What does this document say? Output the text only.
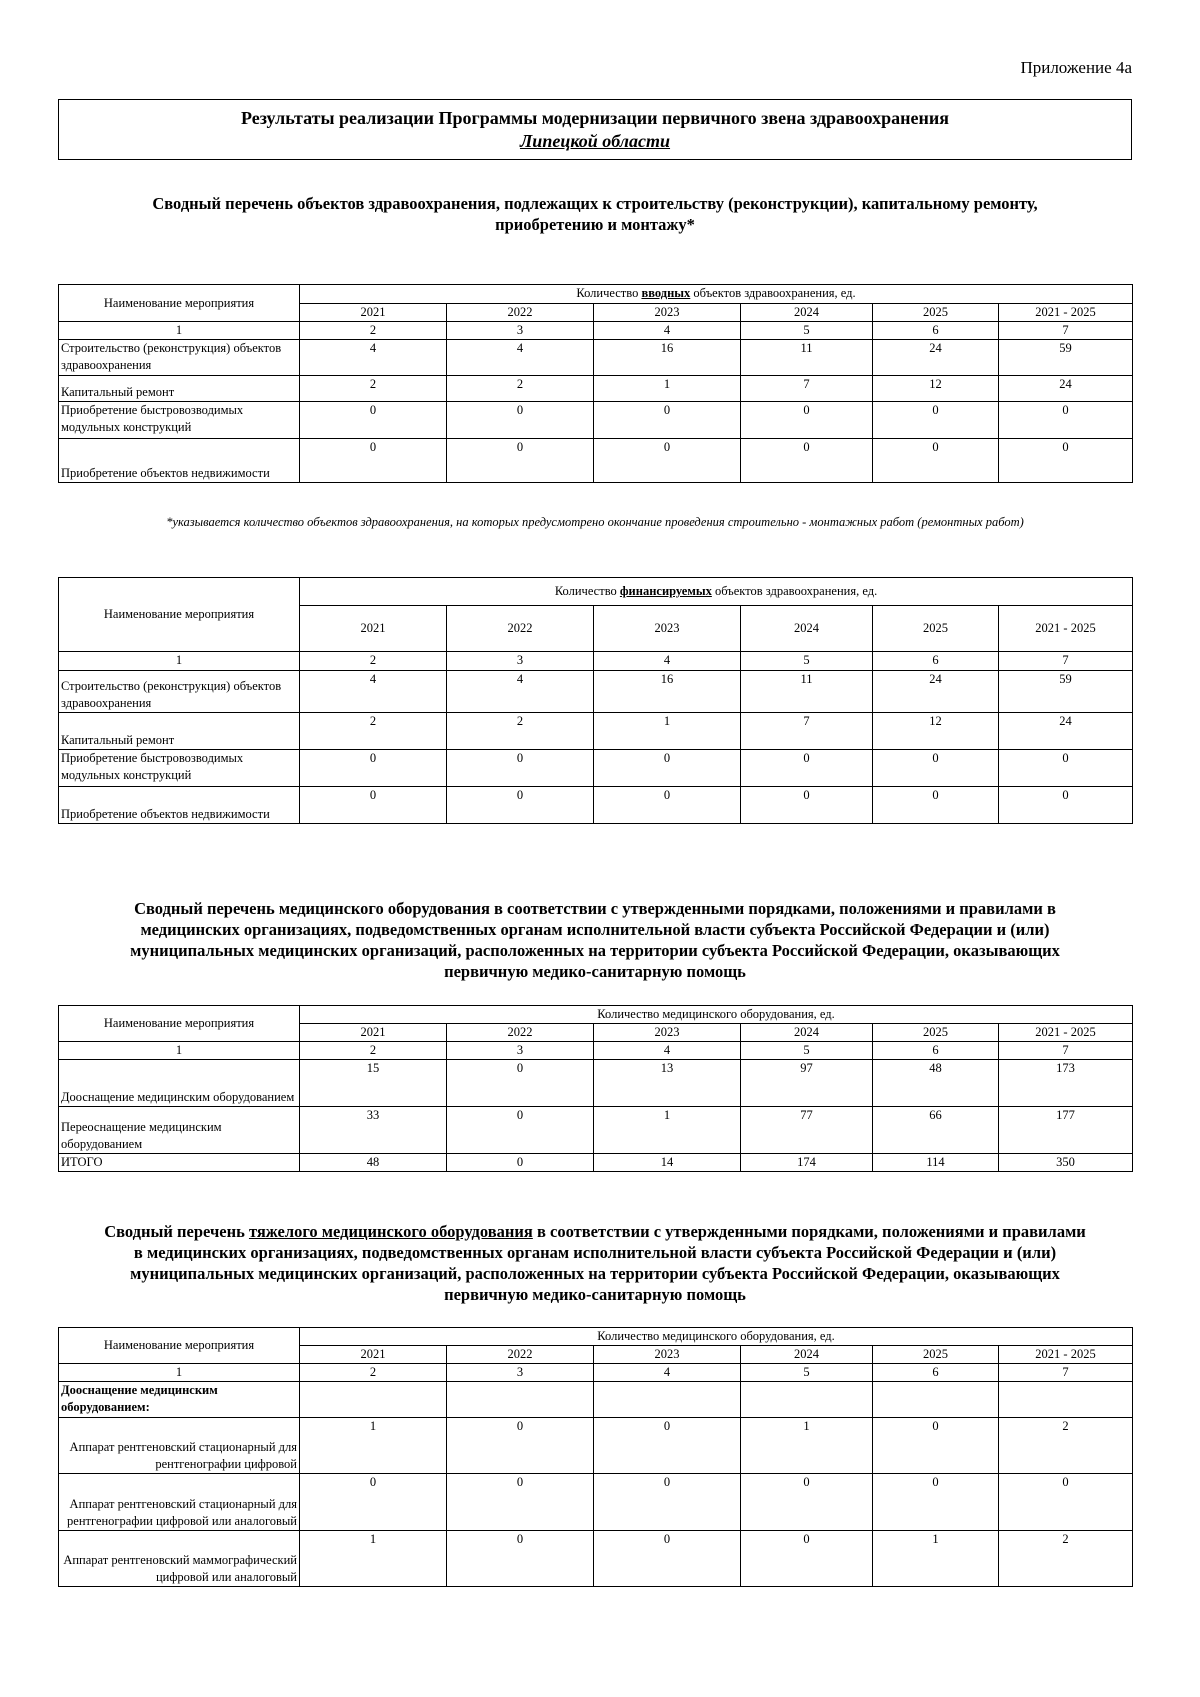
Приложение 4а
Результаты реализации Программы модернизации первичного звена здравоохранения
Липецкой области
Сводный перечень объектов здравоохранения, подлежащих к строительству (реконструкции), капитальному ремонту,
приобретению и монтажу*
Наименование мероприятия	Количество вводных объектов здравоохранения, ед.					
	2021	2022	2023	2024	2025	2021 - 2025
1	2	3	4	5	6	7
Строительство (реконструкция) объектов здравоохранения	4	4	16	11	24	59
Капитальный ремонт	2	2	1	7	12	24
Приобретение быстровозводимых модульных конструкций	0	0	0	0	0	0
Приобретение объектов недвижимости	0	0	0	0	0	0
*указывается количество объектов здравоохранения, на которых предусмотрено окончание проведения строительно - монтажных работ (ремонтных работ)
Наименование мероприятия	Количество финансируемых объектов здравоохранения, ед.					
	2021	2022	2023	2024	2025	2021 - 2025
1	2	3	4	5	6	7
Строительство (реконструкция) объектов здравоохранения	4	4	16	11	24	59
Капитальный ремонт	2	2	1	7	12	24
Приобретение быстровозводимых модульных конструкций	0	0	0	0	0	0
Приобретение объектов недвижимости	0	0	0	0	0	0
Сводный перечень медицинского оборудования в соответствии с утвержденными порядками, положениями и правилами в
медицинских организациях, подведомственных органам исполнительной власти субъекта Российской Федерации и (или)
муниципальных медицинских организаций, расположенных на территории субъекта Российской Федерации, оказывающих
первичную медико-санитарную помощь
Наименование мероприятия	Количество медицинского оборудования, ед.					
	2021	2022	2023	2024	2025	2021 - 2025
1	2	3	4	5	6	7
Дооснащение медицинским оборудованием	15	0	13	97	48	173
Переоснащение медицинским оборудованием	33	0	1	77	66	177
ИТОГО	48	0	14	174	114	350
Сводный перечень тяжелого медицинского оборудования в соответствии с утвержденными порядками, положениями и правилами
в медицинских организациях, подведомственных органам исполнительной власти субъекта Российской Федерации и (или)
муниципальных медицинских организаций, расположенных на территории субъекта Российской Федерации, оказывающих
первичную медико-санитарную помощь
Наименование мероприятия	Количество медицинского оборудования, ед.					
	2021	2022	2023	2024	2025	2021 - 2025
1	2	3	4	5	6	7
Дооснащение медицинским оборудованием:						
Аппарат рентгеновский стационарный для рентгенографии цифровой	1	0	0	1	0	2
Аппарат рентгеновский стационарный для рентгенографии цифровой или аналоговый	0	0	0	0	0	0
Аппарат рентгеновский маммографический цифровой или аналоговый	1	0	0	0	1	2
